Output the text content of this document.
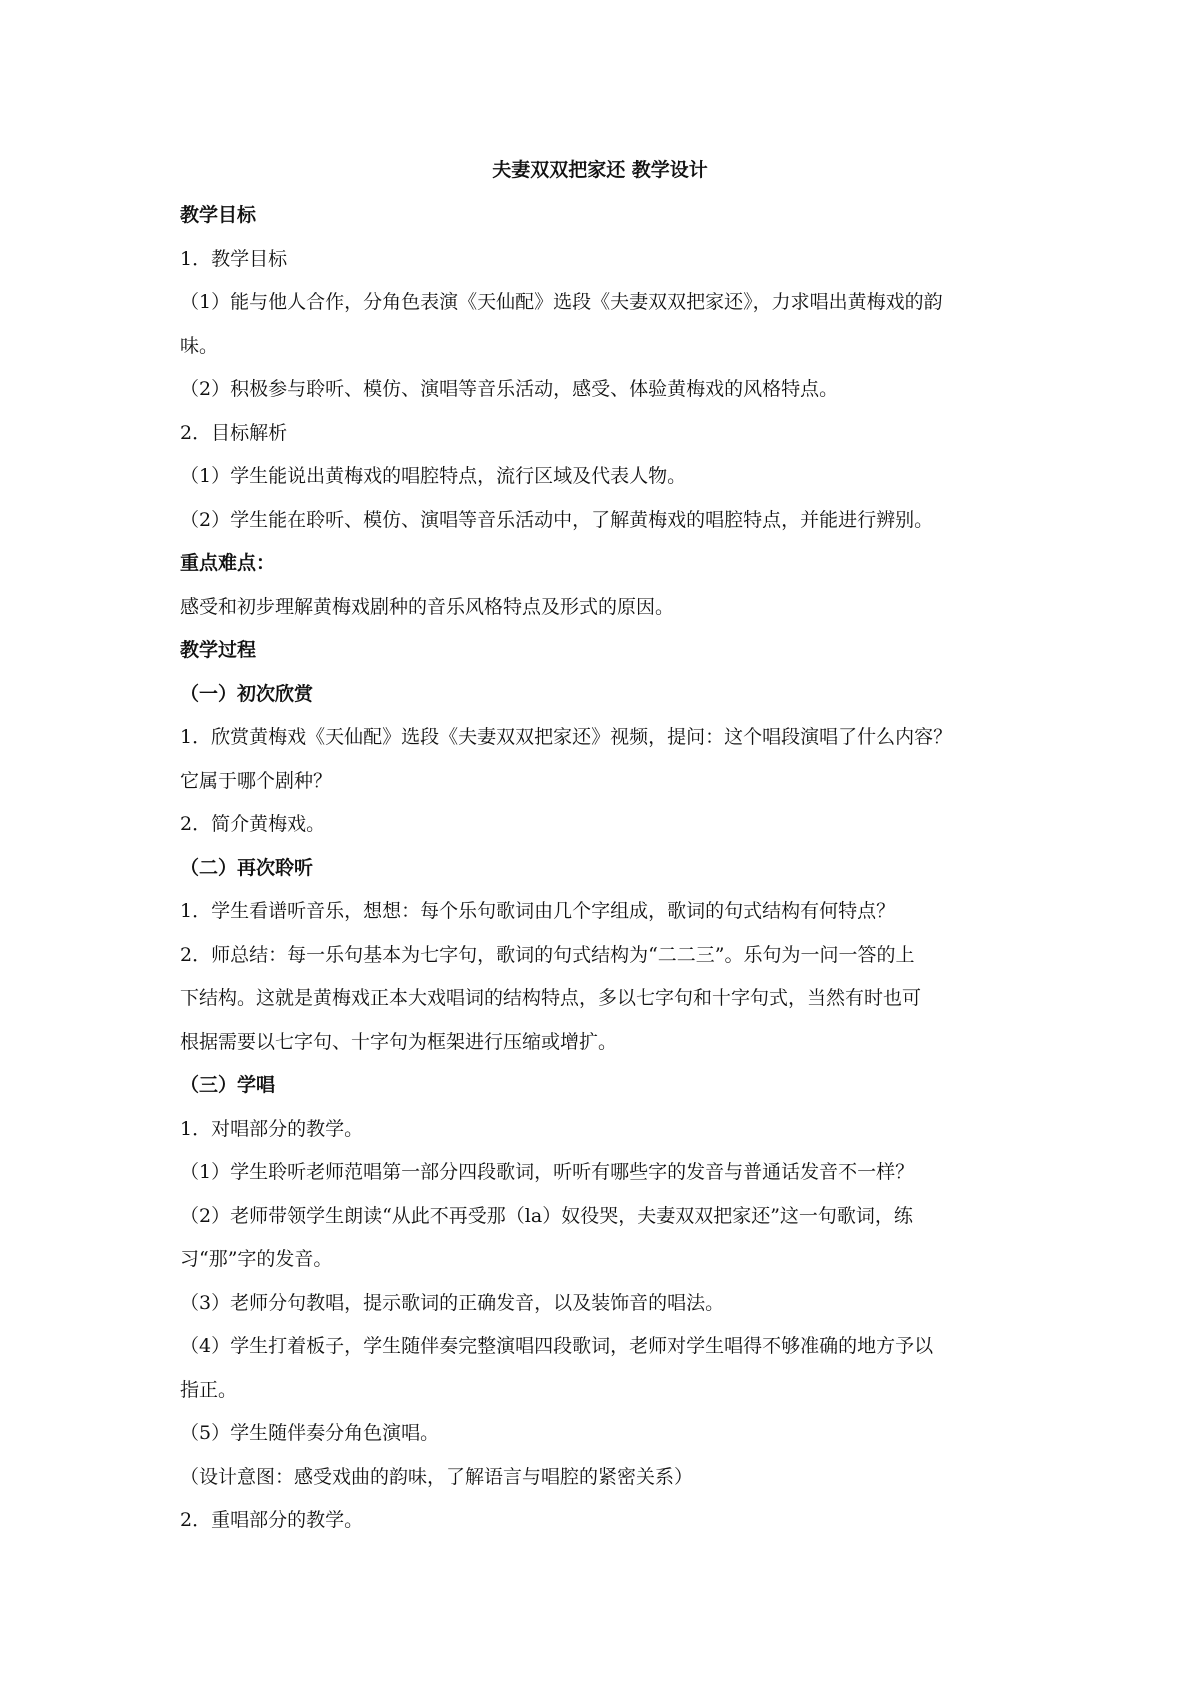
夫妻双双把家还 教学设计
教学目标
1．教学目标
（1）能与他人合作，分角色表演《天仙配》选段《夫妻双双把家还》，力求唱出黄梅戏的韵
味。
（2）积极参与聆听、模仿、演唱等音乐活动，感受、体验黄梅戏的风格特点。
2．目标解析
（1）学生能说出黄梅戏的唱腔特点，流行区域及代表人物。
（2）学生能在聆听、模仿、演唱等音乐活动中，了解黄梅戏的唱腔特点，并能进行辨别。
重点难点：
感受和初步理解黄梅戏剧种的音乐风格特点及形式的原因。
教学过程
（一）初次欣赏
1．欣赏黄梅戏《天仙配》选段《夫妻双双把家还》视频，提问：这个唱段演唱了什么内容？
它属于哪个剧种？
2．简介黄梅戏。
（二）再次聆听
1．学生看谱听音乐，想想：每个乐句歌词由几个字组成，歌词的句式结构有何特点？
2．师总结：每一乐句基本为七字句，歌词的句式结构为“二二三”。乐句为一问一答的上
下结构。这就是黄梅戏正本大戏唱词的结构特点，多以七字句和十字句式，当然有时也可
根据需要以七字句、十字句为框架进行压缩或增扩。
（三）学唱
1．对唱部分的教学。
（1）学生聆听老师范唱第一部分四段歌词，听听有哪些字的发音与普通话发音不一样？
（2）老师带领学生朗读“从此不再受那（la）奴役哭，夫妻双双把家还”这一句歌词，练
习“那”字的发音。
（3）老师分句教唱，提示歌词的正确发音，以及装饰音的唱法。
（4）学生打着板子，学生随伴奏完整演唱四段歌词，老师对学生唱得不够准确的地方予以
指正。
（5）学生随伴奏分角色演唱。
（设计意图：感受戏曲的韵味，了解语言与唱腔的紧密关系）
2．重唱部分的教学。
